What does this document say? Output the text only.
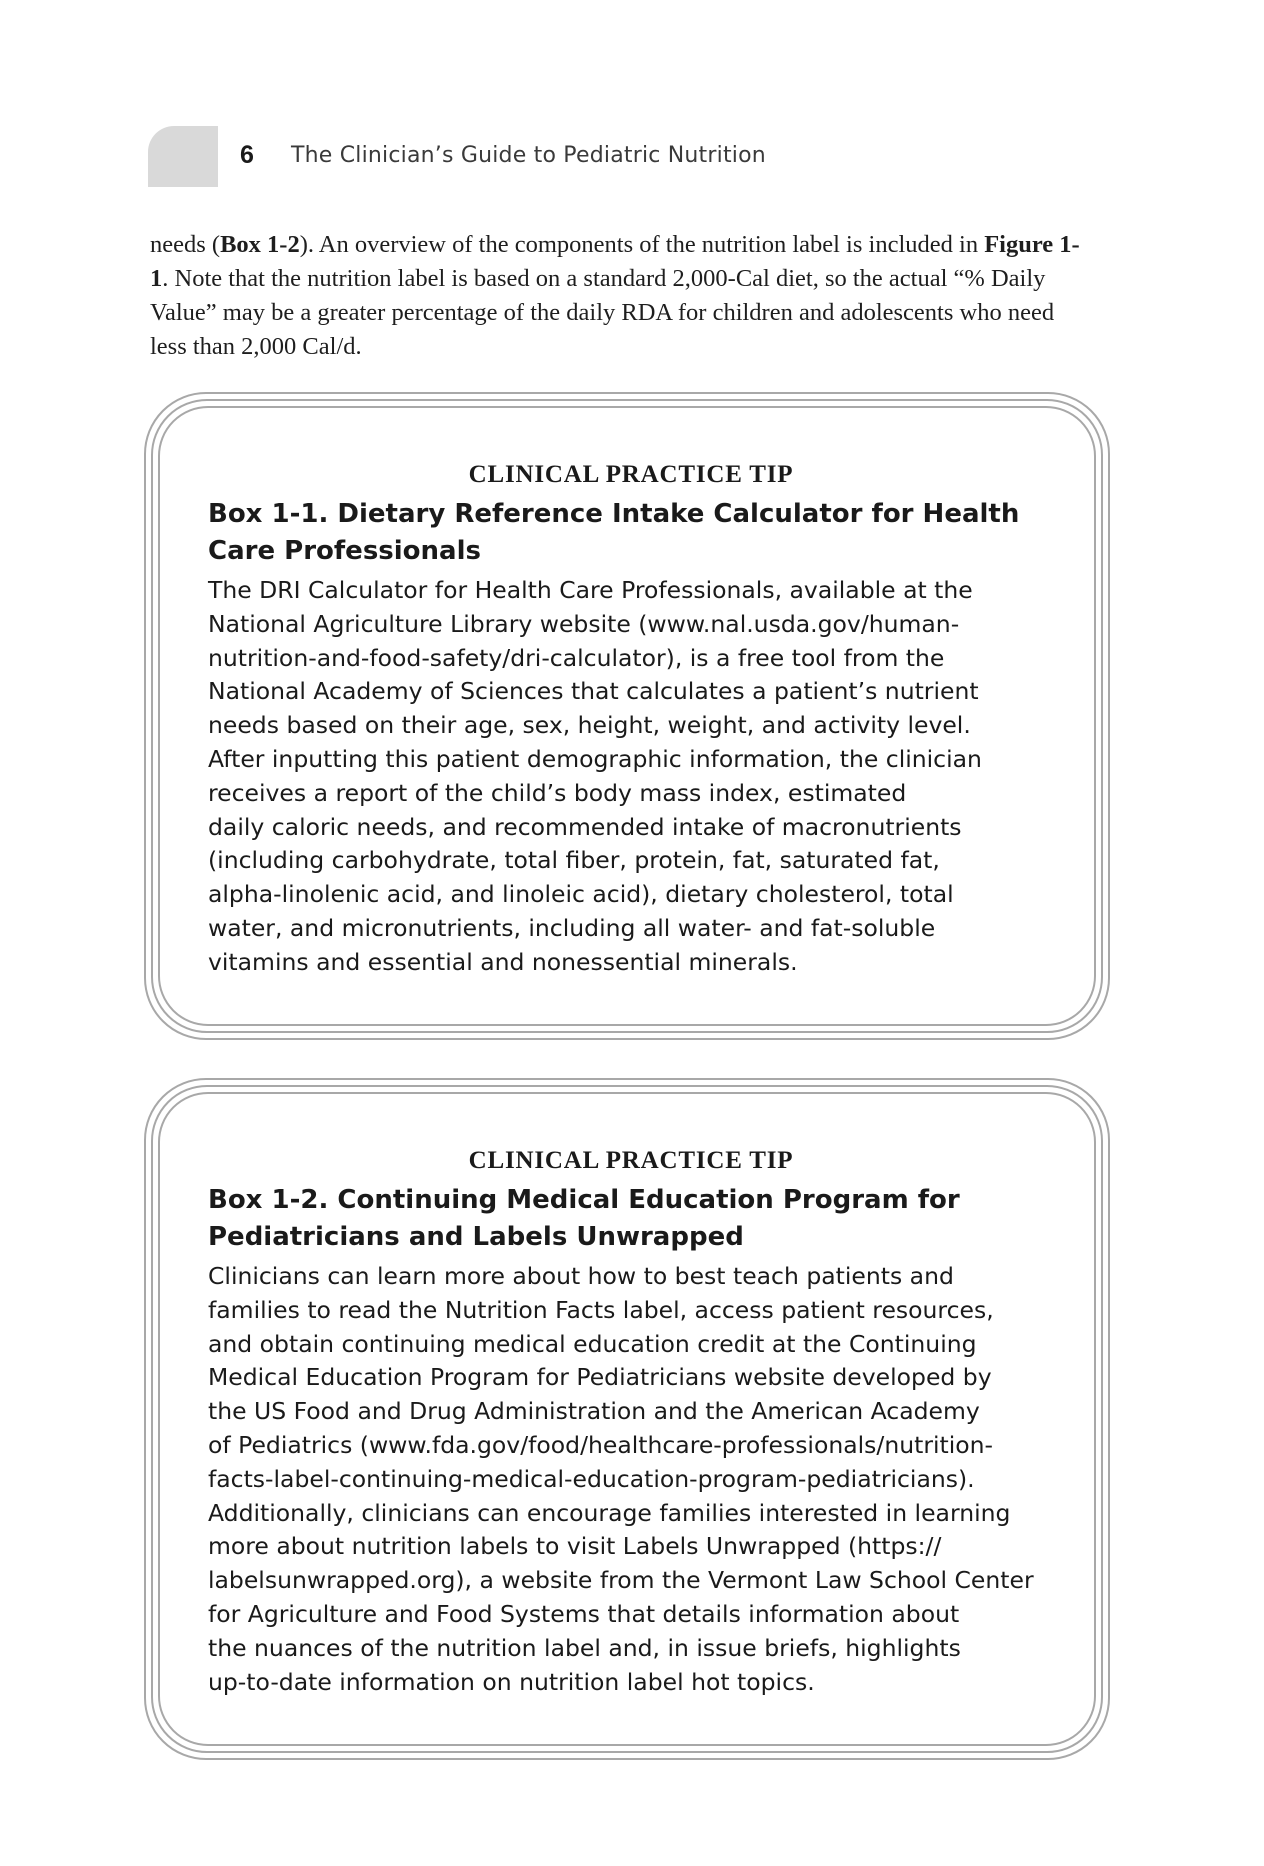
6 The Clinician’s Guide to Pediatric Nutrition

needs (Box 1-2). An overview of the components of the nutrition label is included in Figure 1-1. Note that the nutrition label is based on a standard 2,000-Cal diet, so the actual “% Daily Value” may be a greater percentage of the daily RDA for children and adolescents who need less than 2,000 Cal/d.

CLINICAL PRACTICE TIP

Box 1-1. Dietary Reference Intake Calculator for Health Care Professionals

The DRI Calculator for Health Care Professionals, available at the
National Agriculture Library website (www.nal.usda.gov/human-
nutrition-and-food-safety/dri-calculator), is a free tool from the
National Academy of Sciences that calculates a patient’s nutrient
needs based on their age, sex, height, weight, and activity level.
After inputting this patient demographic information, the clinician
receives a report of the child’s body mass index, estimated
daily caloric needs, and recommended intake of macronutrients
(including carbohydrate, total fiber, protein, fat, saturated fat,
alpha-linolenic acid, and linoleic acid), dietary cholesterol, total
water, and micronutrients, including all water- and fat-soluble
vitamins and essential and nonessential minerals.

CLINICAL PRACTICE TIP

Box 1-2. Continuing Medical Education Program for Pediatricians and Labels Unwrapped

Clinicians can learn more about how to best teach patients and
families to read the Nutrition Facts label, access patient resources,
and obtain continuing medical education credit at the Continuing
Medical Education Program for Pediatricians website developed by
the US Food and Drug Administration and the American Academy
of Pediatrics (www.fda.gov/food/healthcare-professionals/nutrition-
facts-label-continuing-medical-education-program-pediatricians).
Additionally, clinicians can encourage families interested in learning
more about nutrition labels to visit Labels Unwrapped (https://
labelsunwrapped.org), a website from the Vermont Law School Center
for Agriculture and Food Systems that details information about
the nuances of the nutrition label and, in issue briefs, highlights
up-to-date information on nutrition label hot topics.
